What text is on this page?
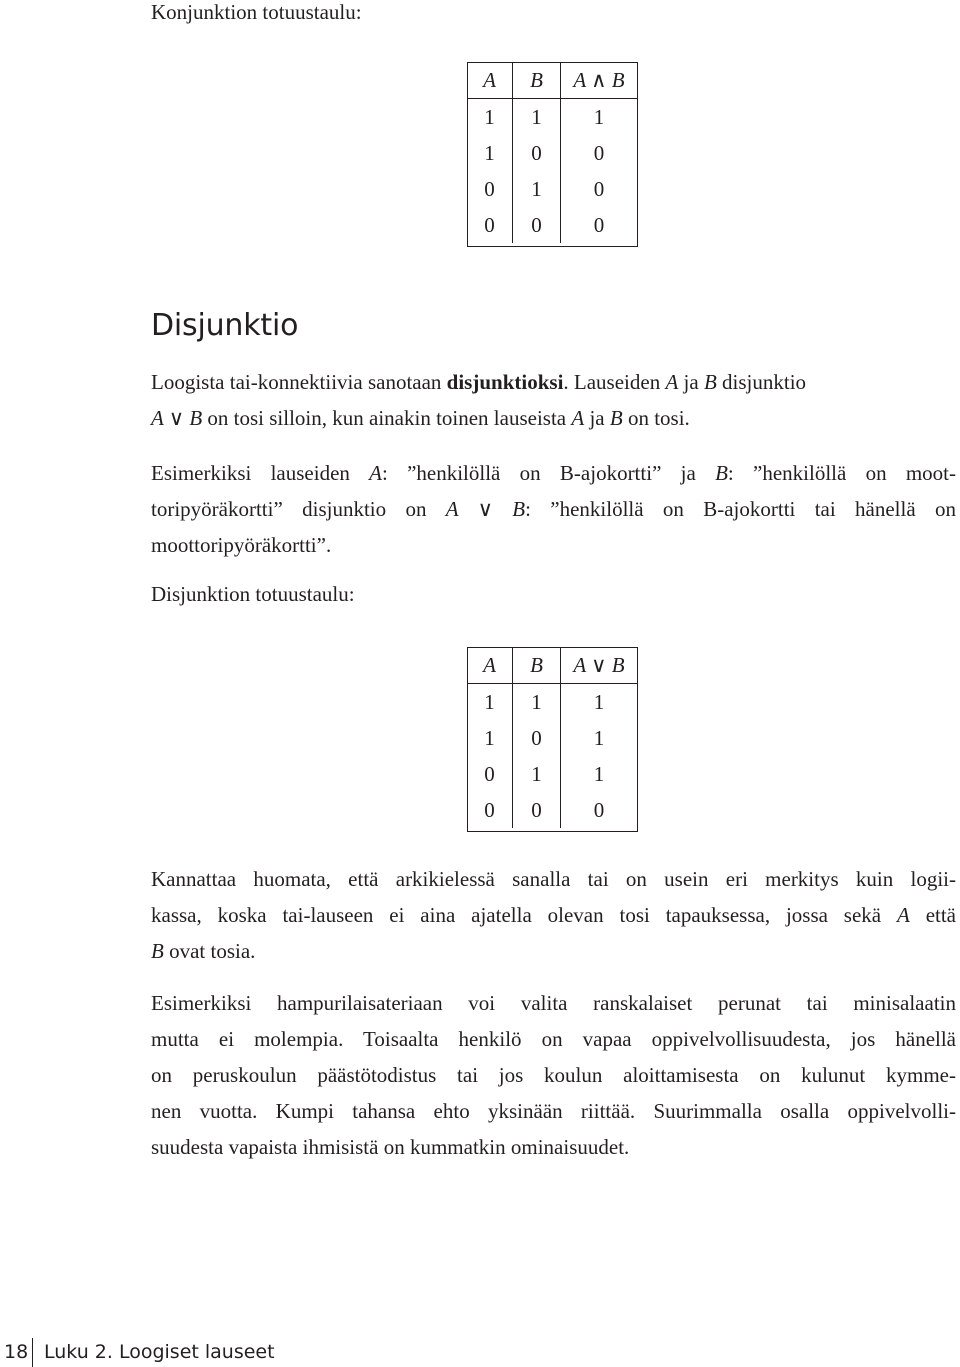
Konjunktion totuustaulu:

A	B	A ∧ B
1	1	1
1	0	0
0	1	0
0	0	0
Disjunktio
Loogista tai-konnektiivia sanotaan disjunktioksi. Lauseiden A ja B disjunktio
A ∨ B on tosi silloin, kun ainakin toinen lauseista A ja B on tosi.
Esimerkiksi lauseiden A: ”henkilöllä on B-ajokortti” ja B: ”henkilöllä on moot-
toripyöräkortti” disjunktio on A ∨ B: ”henkilöllä on B-ajokortti tai hänellä on
moottoripyöräkortti”.

Disjunktion totuustaulu:

A	B	A ∨ B
1	1	1
1	0	1
0	1	1
0	0	0
Kannattaa huomata, että arkikielessä sanalla tai on usein eri merkitys kuin logii-
kassa, koska tai-lauseen ei aina ajatella olevan tosi tapauksessa, jossa sekä A että
B ovat tosia.
Esimerkiksi hampurilaisateriaan voi valita ranskalaiset perunat tai minisalaatin
mutta ei molempia. Toisaalta henkilö on vapaa oppivelvollisuudesta, jos hänellä
on peruskoulun päästötodistus tai jos koulun aloittamisesta on kulunut kymme-
nen vuotta. Kumpi tahansa ehto yksinään riittää. Suurimmalla osalla oppivelvolli-
suudesta vapaista ihmisistä on kummatkin ominaisuudet.
18 Luku 2. Loogiset lauseet
